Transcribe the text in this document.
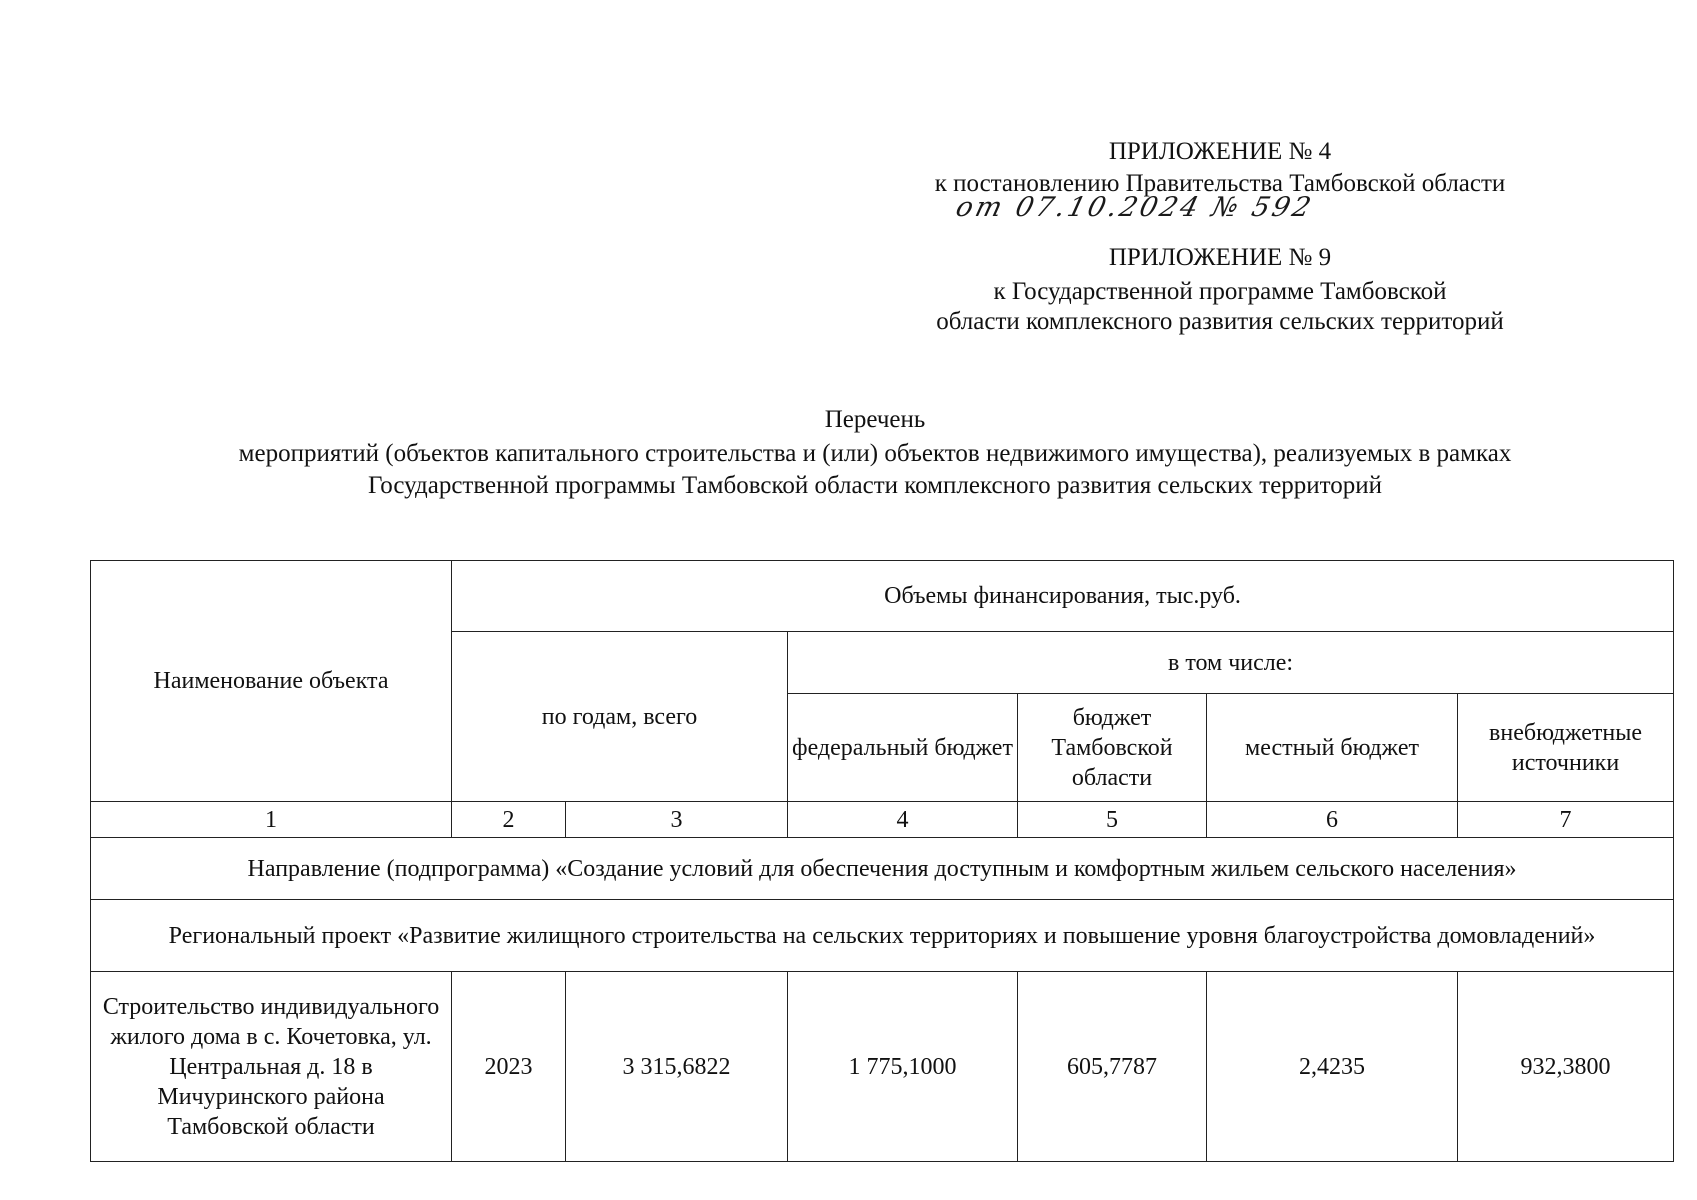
ПРИЛОЖЕНИЕ № 4
к постановлению Правительства Тамбовской области
от 07.10.2024 № 592
ПРИЛОЖЕНИЕ № 9
к Государственной программе Тамбовской
области комплексного развития сельских территорий
Перечень
мероприятий (объектов капитального строительства и (или) объектов недвижимого имущества), реализуемых в рамках
Государственной программы Тамбовской области комплексного развития сельских территорий
Наименование объекта	Объемы финансирования, тыс.руб.					
	по годам, всего		в том числе:			
			федеральный бюджет	бюджет Тамбовской области	местный бюджет	внебюджетные источники
1	2	3	4	5	6	7
Направление (подпрограмма) «Создание условий для обеспечения доступным и комфортным жильем сельского населения»						
Региональный проект «Развитие жилищного строительства на сельских территориях и повышение уровня благоустройства домовладений»						
Строительство индивидуального жилого дома в с. Кочетовка, ул. Центральная д. 18 в Мичуринского района Тамбовской области	2023	3 315,6822	1 775,1000	605,7787	2,4235	932,3800
